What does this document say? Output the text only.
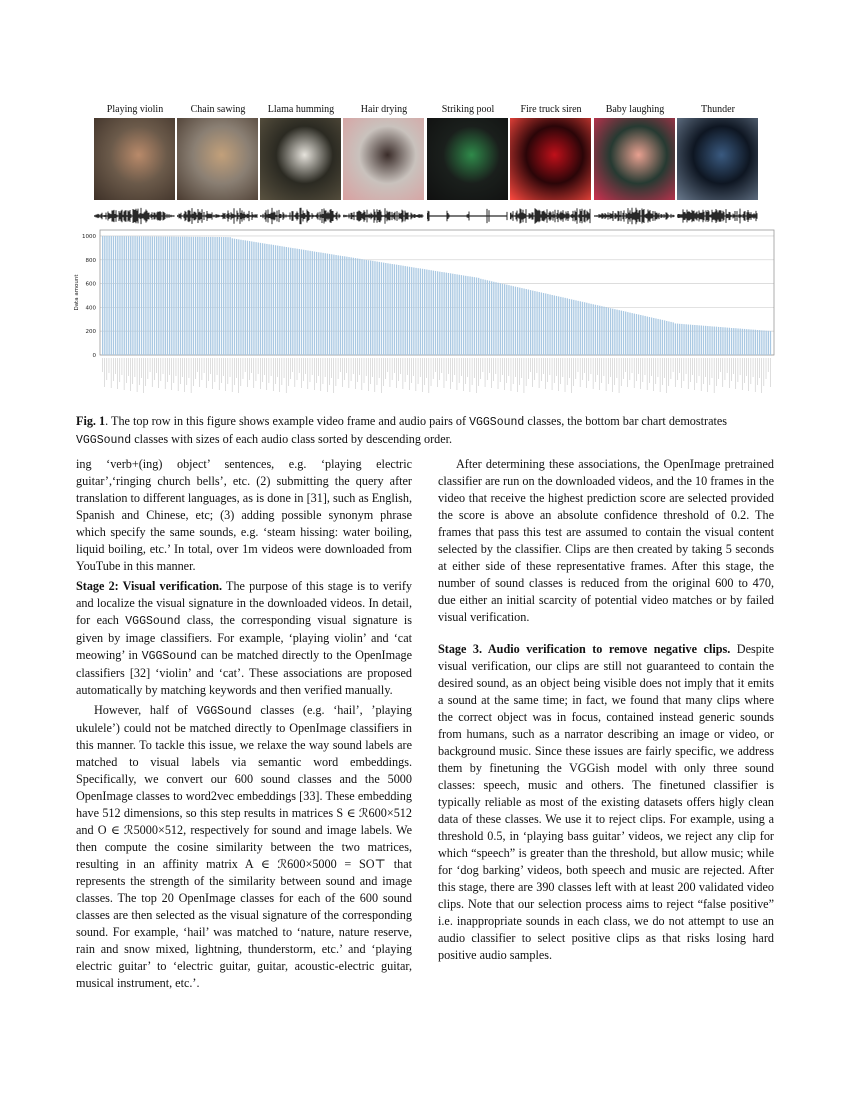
Playing violin	Chain sawing	Llama humming	Hair drying	Striking pool	Fire truck siren	Baby laughing	Thunder
0
200
400
600
800
1000
Data amount
Fig. 1. The top row in this figure shows example video frame and audio pairs of VGGSound classes, the bottom bar chart demostrates VGGSound classes with sizes of each audio class sorted by descending order.

ing ‘verb+(ing) object’ sentences, e.g. ‘playing electric guitar’,‘ringing church bells’, etc. (2) submitting the query after translation to different languages, as is done in [31], such as English, Spanish and Chinese, etc; (3) adding possible synonym phrase which specify the same sounds, e.g. ‘steam hissing: water boiling, liquid boiling, etc.’ In total, over 1m videos were downloaded from YouTube in this manner.

Stage 2: Visual verification. The purpose of this stage is to verify and localize the visual signature in the downloaded videos. In detail, for each VGGSound class, the corresponding visual signature is given by image classifiers. For example, ‘playing violin’ and ‘cat meowing’ in VGGSound can be matched directly to the OpenImage classifiers [32] ‘violin’ and ‘cat’. These associations are proposed automatically by matching keywords and then verified manually.

However, half of VGGSound classes (e.g. ‘hail’, ’playing ukulele’) could not be matched directly to OpenImage classifiers in this manner. To tackle this issue, we relaxe the way sound labels are matched to visual labels via semantic word embeddings. Specifically, we convert our 600 sound classes and the 5000 OpenImage classes to word2vec embeddings [33]. These embedding have 512 dimensions, so this step results in matrices S ∈ ℛ600×512 and O ∈ ℛ5000×512, respectively for sound and image labels. We then compute the cosine similarity between the two matrices, resulting in an affinity matrix A ∈ ℛ600×5000 = SO⊤ that represents the strength of the similarity between sound and image classes. The top 20 OpenImage classes for each of the 600 sound classes are then selected as the visual signature of the corresponding sound. For example, ‘hail’ was matched to ‘nature, nature reserve, rain and snow mixed, lightning, thunderstorm, etc.’ and ‘playing electric guitar’ to ‘electric guitar, guitar, acoustic-electric guitar, musical instrument, etc.’.

After determining these associations, the OpenImage pretrained classifier are run on the downloaded videos, and the 10 frames in the video that receive the highest prediction score are selected provided the score is above an absolute confidence threshold of 0.2. The frames that pass this test are assumed to contain the visual content selected by the classifier. Clips are then created by taking 5 seconds at either side of these representative frames. After this stage, the number of sound classes is reduced from the original 600 to 470, due either an initial scarcity of potential video matches or by failed visual verification.

Stage 3. Audio verification to remove negative clips. Despite visual verification, our clips are still not guaranteed to contain the desired sound, as an object being visible does not imply that it emits a sound at the same time; in fact, we found that many clips where the correct object was in focus, contained instead generic sounds from humans, such as a narrator describing an image or video, or background music. Since these issues are fairly specific, we address them by finetuning the VGGish model with only three sound classes: speech, music and others. The finetuned classifier is typically reliable as most of the existing datasets offers higly clean data of these classes. We use it to reject clips. For example, using a threshold 0.5, in ‘playing bass guitar’ videos, we reject any clip for which “speech” is greater than the threshold, but allow music; while for ‘dog barking’ videos, both speech and music are rejected. After this stage, there are 390 classes left with at least 200 validated video clips. Note that our selection process aims to reject “false positive” i.e. inappropriate sounds in each class, we do not attempt to use an audio classifier to select positive clips as that risks losing hard positive audio samples.
